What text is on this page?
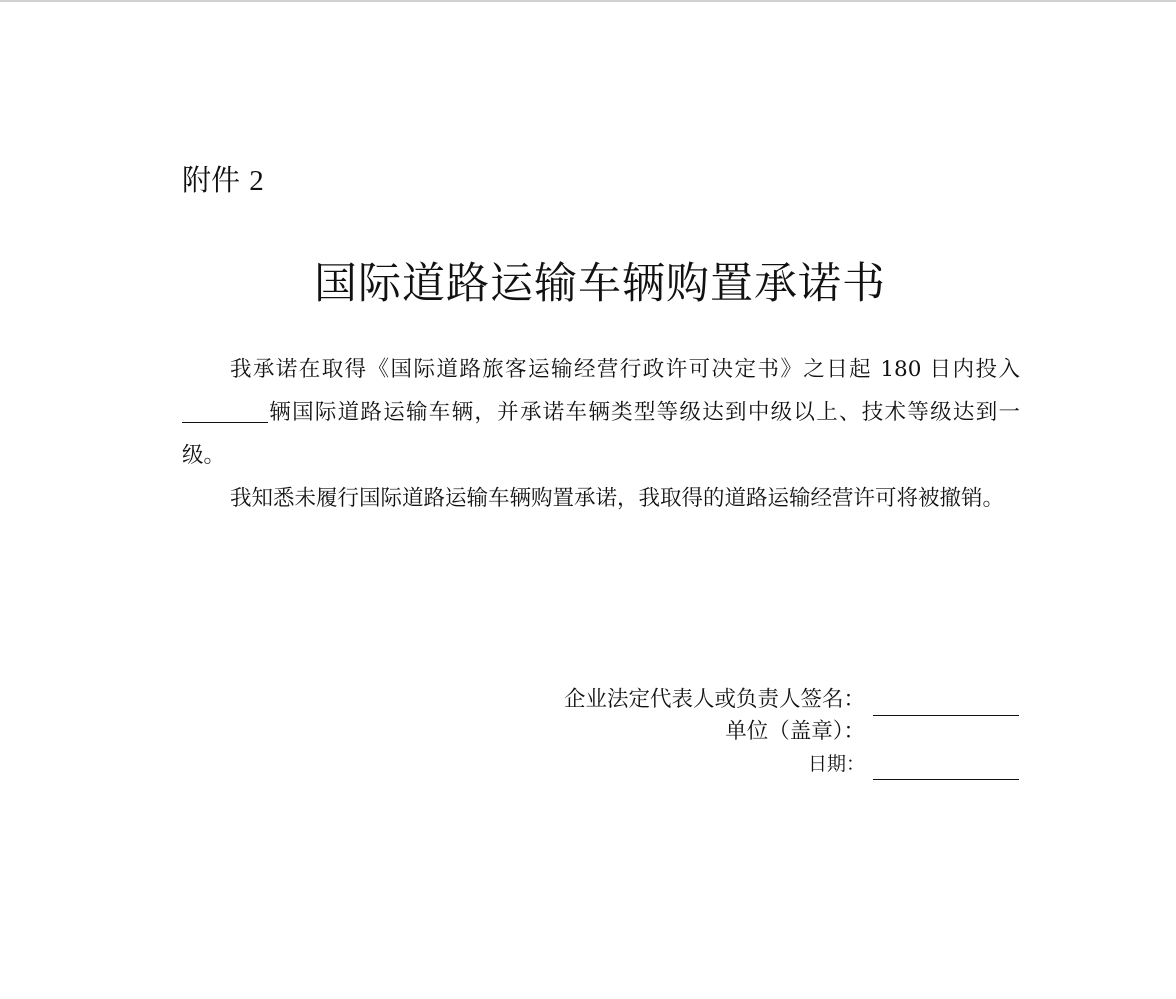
附件 2
国际道路运输车辆购置承诺书
我承诺在取得《国际道路旅客运输经营行政许可决定书》之日起 180 日内投入辆国际道路运输车辆，并承诺车辆类型等级达到中级以上、技术等级达到一级。
我知悉未履行国际道路运输车辆购置承诺，我取得的道路运输经营许可将被撤销。
企业法定代表人或负责人签名：
单位（盖章）：
日期：
